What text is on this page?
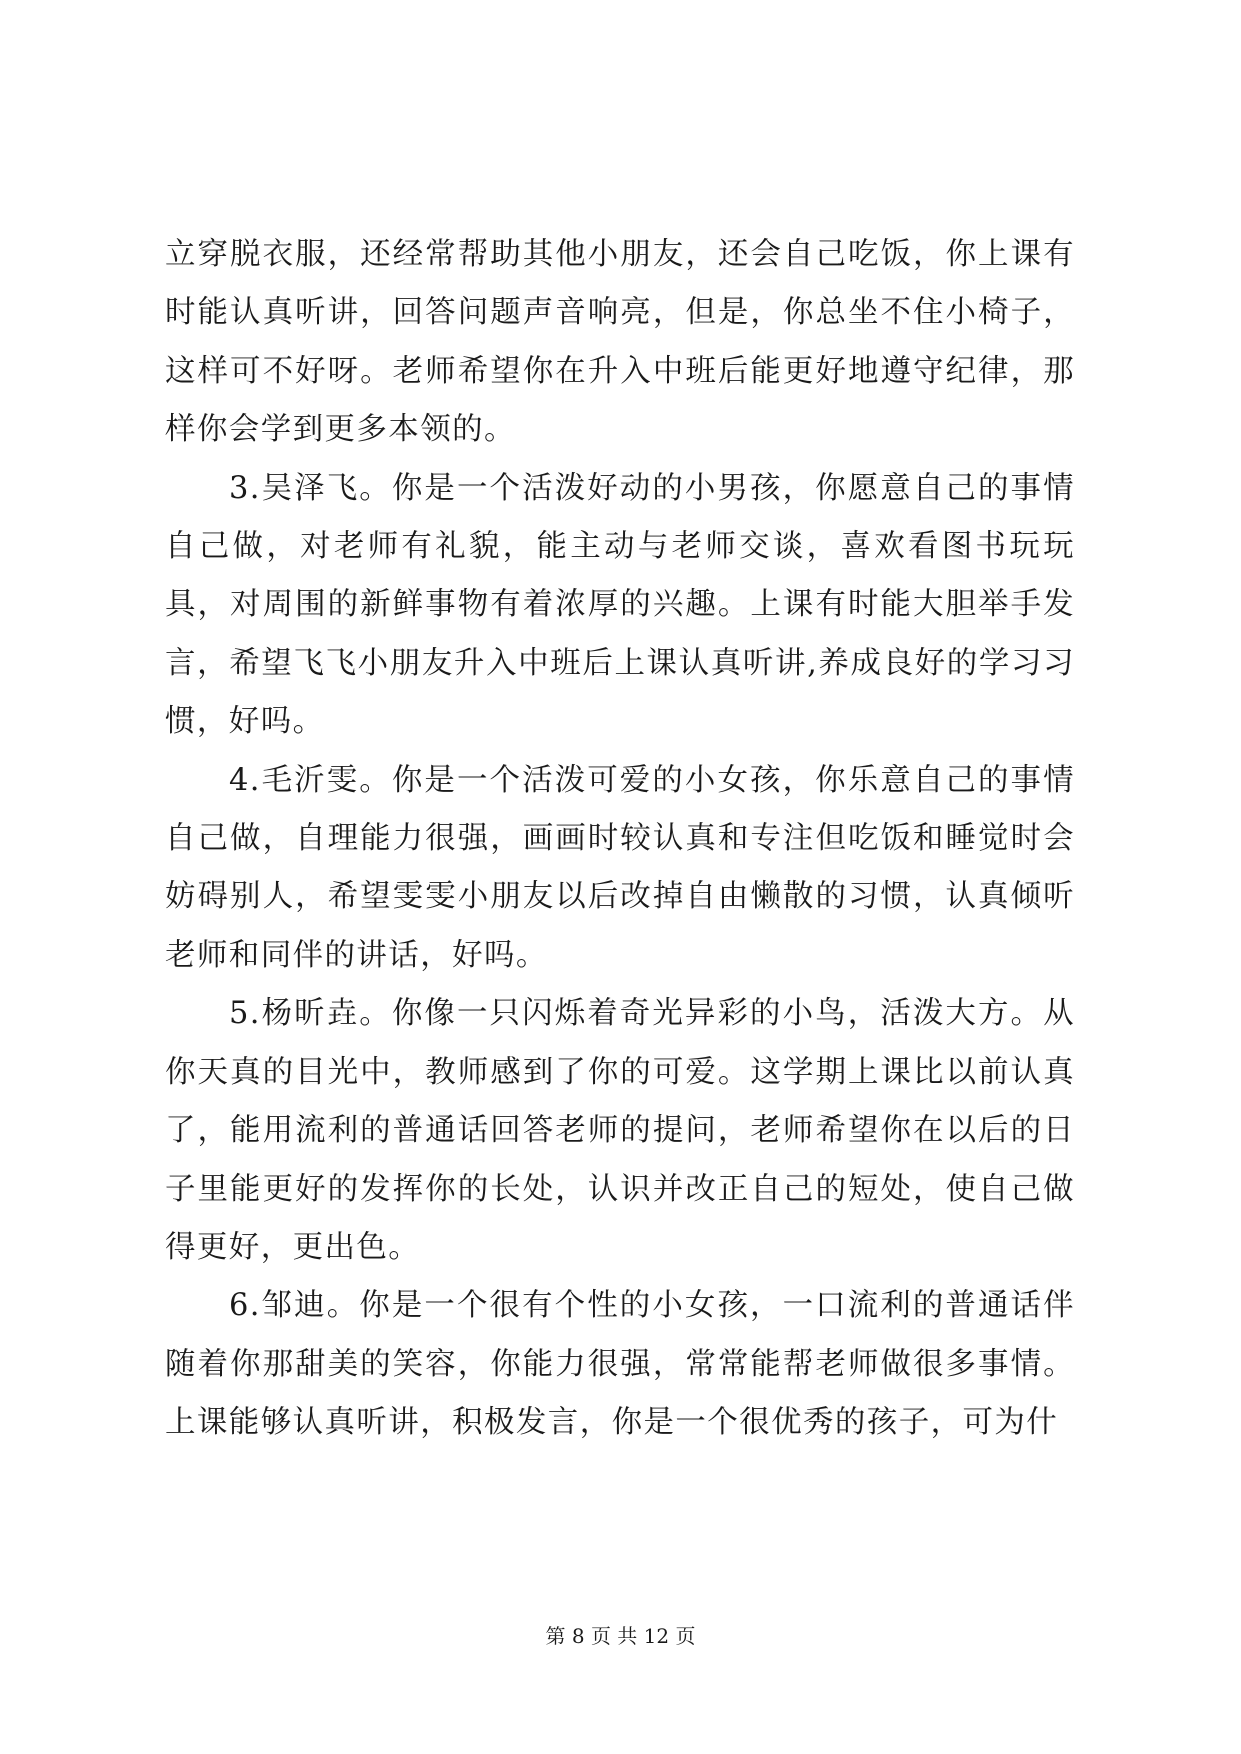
立穿脱衣服，还经常帮助其他小朋友，还会自己吃饭，你上课有时能认真听讲，回答问题声音响亮，但是，你总坐不住小椅子，这样可不好呀。老师希望你在升入中班后能更好地遵守纪律，那样你会学到更多本领的。

3.吴泽飞。你是一个活泼好动的小男孩，你愿意自己的事情自己做，对老师有礼貌，能主动与老师交谈，喜欢看图书玩玩具，对周围的新鲜事物有着浓厚的兴趣。上课有时能大胆举手发言，希望飞飞小朋友升入中班后上课认真听讲,养成良好的学习习惯，好吗。

4.毛沂雯。你是一个活泼可爱的小女孩，你乐意自己的事情自己做，自理能力很强，画画时较认真和专注但吃饭和睡觉时会妨碍别人，希望雯雯小朋友以后改掉自由懒散的习惯，认真倾听老师和同伴的讲话，好吗。

5.杨昕垚。你像一只闪烁着奇光异彩的小鸟，活泼大方。从你天真的目光中，教师感到了你的可爱。这学期上课比以前认真了，能用流利的普通话回答老师的提问，老师希望你在以后的日子里能更好的发挥你的长处，认识并改正自己的短处，使自己做得更好，更出色。

6.邹迪。你是一个很有个性的小女孩，一口流利的普通话伴随着你那甜美的笑容，你能力很强，常常能帮老师做很多事情。上课能够认真听讲，积极发言，你是一个很优秀的孩子，可为什

第 8 页 共 12 页
